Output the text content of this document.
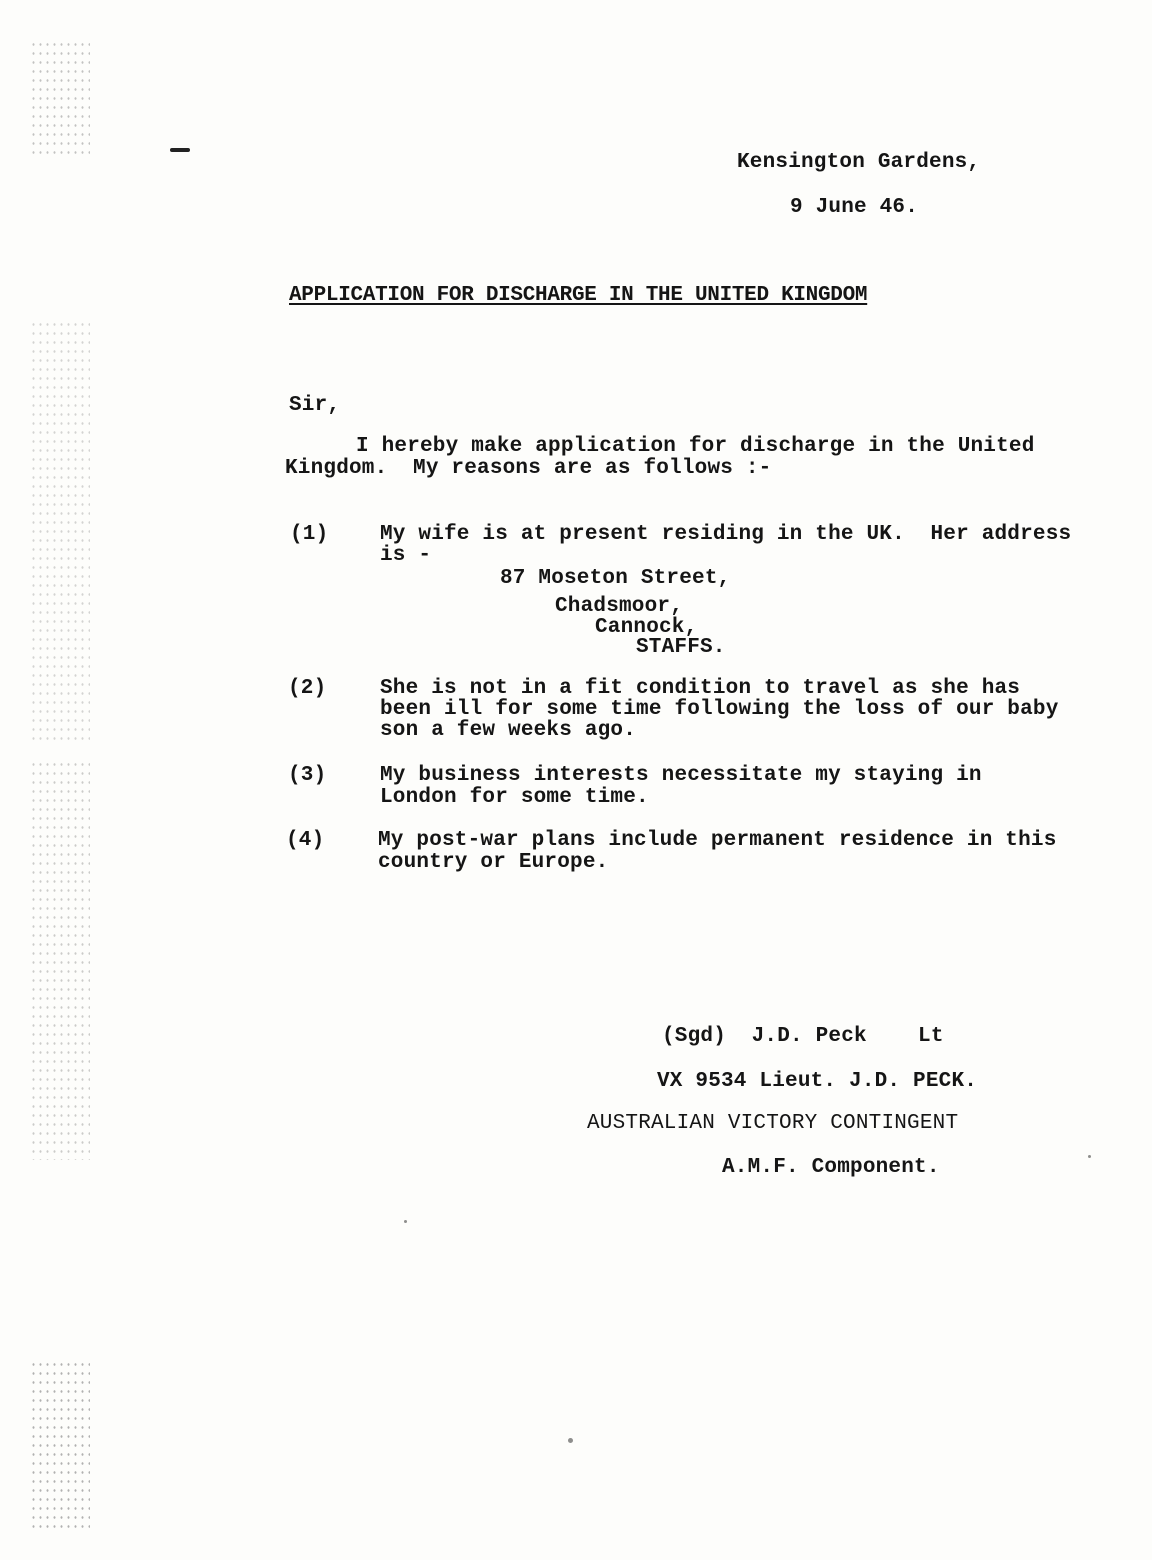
Kensington Gardens,
9 June 46.
APPLICATION FOR DISCHARGE IN THE UNITED KINGDOM
Sir,
I hereby make application for discharge in the United
Kingdom.  My reasons are as follows :-
(1) My wife is at present residing in the UK.  Her address
is -
87 Moseton Street,
Chadsmoor,
Cannock,
STAFFS.
(2)	She is not in a fit condition to travel as she has
been ill for some time following the loss of our baby
son a few weeks ago.
(3)	My business interests necessitate my staying in
London for some time.
(4)	My post-war plans include permanent residence in this
country or Europe.
(Sgd)  J.D. Peck    Lt
VX 9534 Lieut. J.D. PECK.
AUSTRALIAN VICTORY CONTINGENT
A.M.F. Component.
